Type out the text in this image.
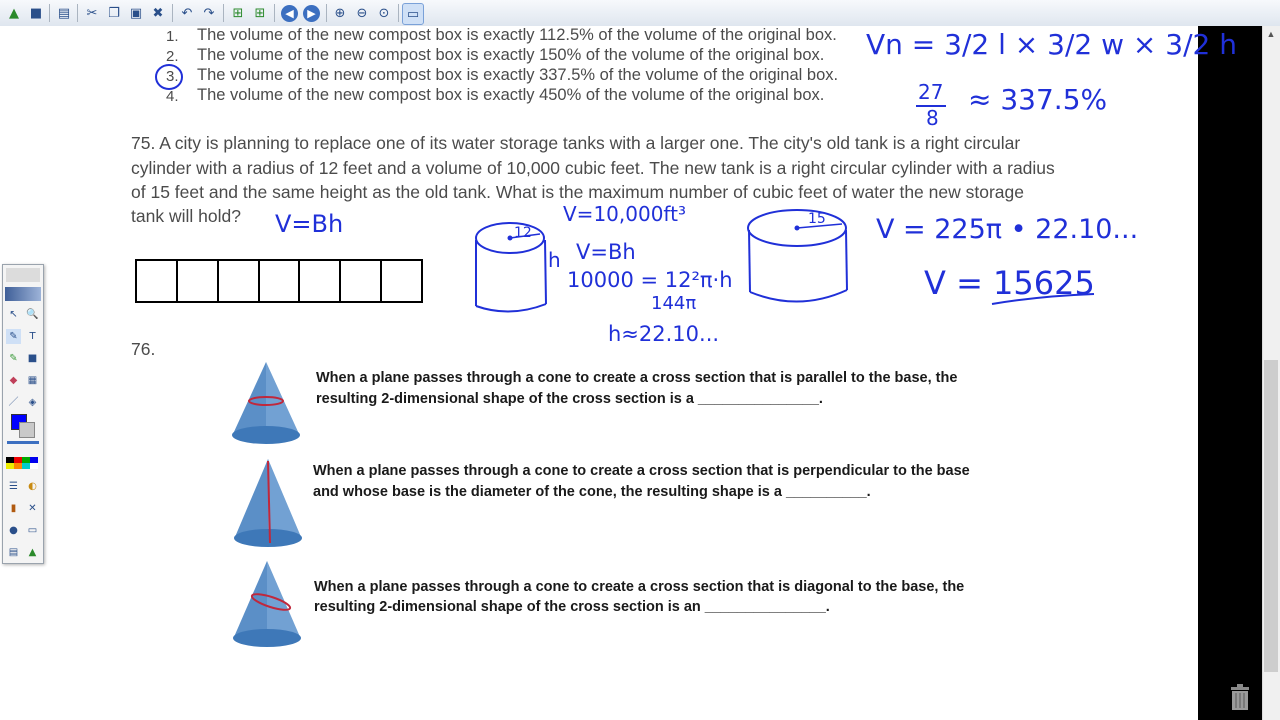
▲ ■ ▤	✂ ❐ ▣ ✖	↶ ↷	⊞ ⊞	◀	▶	⊕ ⊖ ⊙	▭
▲
↖ 🔍
✎	T
✎	■
◆	▦
／	◈
☰	◐
▮	✕
● ▭
▤	▲
1. The volume of the new compost box is exactly 112.5% of the volume of the original box.
2. The volume of the new compost box is exactly 150% of the volume of the original box.
3. The volume of the new compost box is exactly 337.5% of the volume of the original box.
4. The volume of the new compost box is exactly 450% of the volume of the original box.
75. A city is planning to replace one of its water storage tanks with a larger one. The city's old tank is a right circular
cylinder with a radius of 12 feet and a volume of 10,000 cubic feet. The new tank is a right circular cylinder with a radius
of 15 feet and the same height as the old tank. What is the maximum number of cubic feet of water the new storage
tank will hold?
76.
When a plane passes through a cone to create a cross section that is parallel to the base, the
resulting 2-dimensional shape of the cross section is a _______________.
When a plane passes through a cone to create a cross section that is perpendicular to the base
and whose base is the diameter of the cone, the resulting shape is a __________.
When a plane passes through a cone to create a cross section that is diagonal to the base, the
resulting 2-dimensional shape of the cross section is an _______________.
Vn = 3/2 l × 3/2 w × 3/2 h
27
8
≈ 337.5%
V=Bh	V=10,000ft³
h V=Bh
10000 = 12²π·h
144π
h≈22.10...
12
15 V = 225π • 22.10...
V = 15625
